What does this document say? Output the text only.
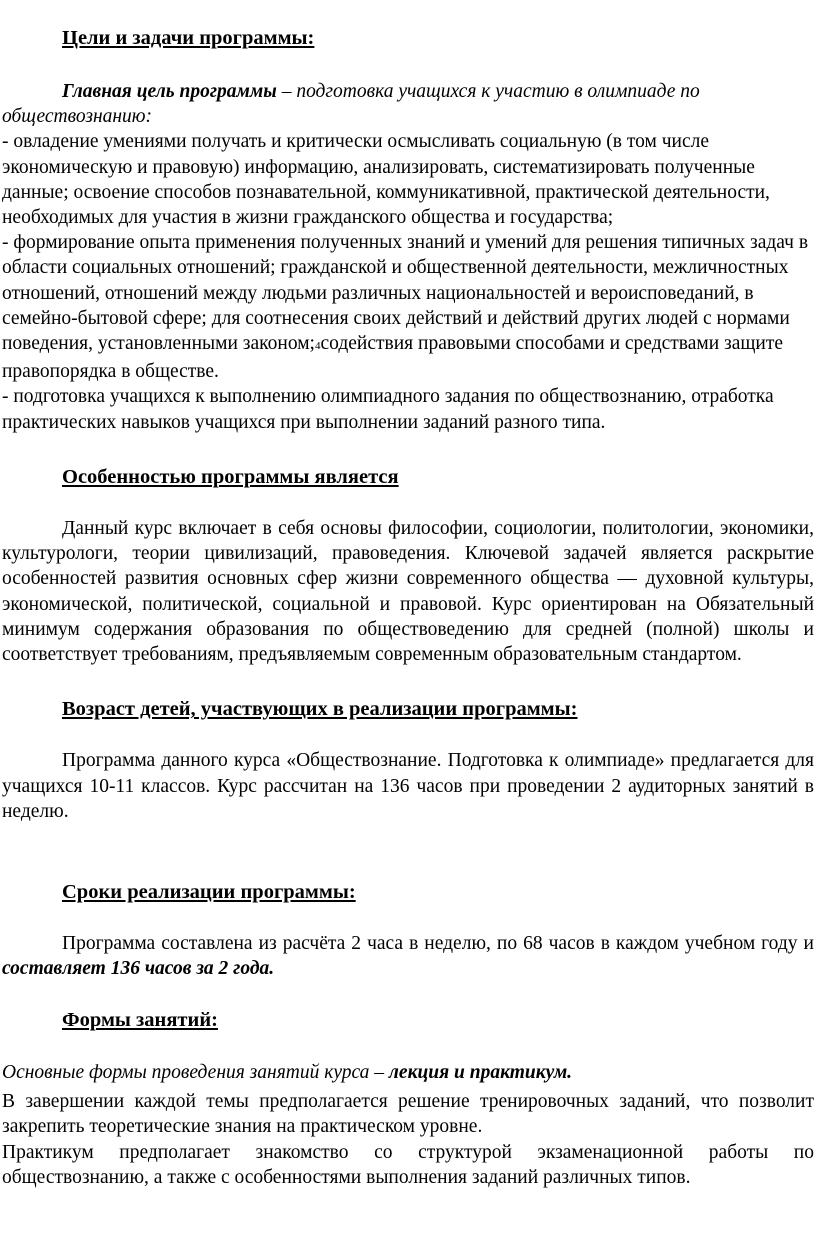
Цели и задачи программы:

Главная цель программы – подготовка учащихся к участию в олимпиаде по обществознанию:

- овладение умениями получать и критически осмысливать социальную (в том числе экономическую и правовую) информацию, анализировать, систематизировать полученные данные; освоение способов познавательной, коммуникативной, практической деятельности, необходимых для участия в жизни гражданского общества и государства;

- формирование опыта применения полученных знаний и умений для решения типичных задач в области социальных отношений; гражданской и общественной деятельности, межличностных отношений, отношений между людьми различных национальностей и вероисповеданий, в семейно-бытовой сфере; для соотнесения своих действий и действий других людей с нормами поведения, установленными законом;4содействия правовыми способами и средствами защите правопорядка в обществе.

- подготовка учащихся к выполнению олимпиадного задания по обществознанию, отработка практических навыков учащихся при выполнении заданий разного типа.

Особенностью программы является

Данный курс включает в себя основы философии, социологии, политологии, экономики, культурологи, теории цивилизаций, правоведения. Ключевой задачей является раскрытие особенностей развития основных сфер жизни современного общества — духовной культуры, экономической, политической, социальной и правовой. Курс ориентирован на Обязательный минимум содержания образования по обществоведению для средней (полной) школы и соответствует требованиям, предъявляемым современным образовательным стандартом.

Возраст детей, участвующих в реализации программы:

Программа данного курса «Обществознание. Подготовка к олимпиаде» предлагается для учащихся 10-11 классов. Курс рассчитан на 136 часов при проведении 2 аудиторных занятий в неделю.

Сроки реализации программы:

Программа составлена из расчёта 2 часа в неделю, по 68 часов в каждом учебном году и составляет 136 часов за 2 года.

Формы занятий:

Основные формы проведения занятий курса – лекция и практикум.

В завершении каждой темы предполагается решение тренировочных заданий, что позволит закрепить теоретические знания на практическом уровне.

Практикум предполагает знакомство со структурой экзаменационной работы по обществознанию, а также с особенностями выполнения заданий различных типов.
